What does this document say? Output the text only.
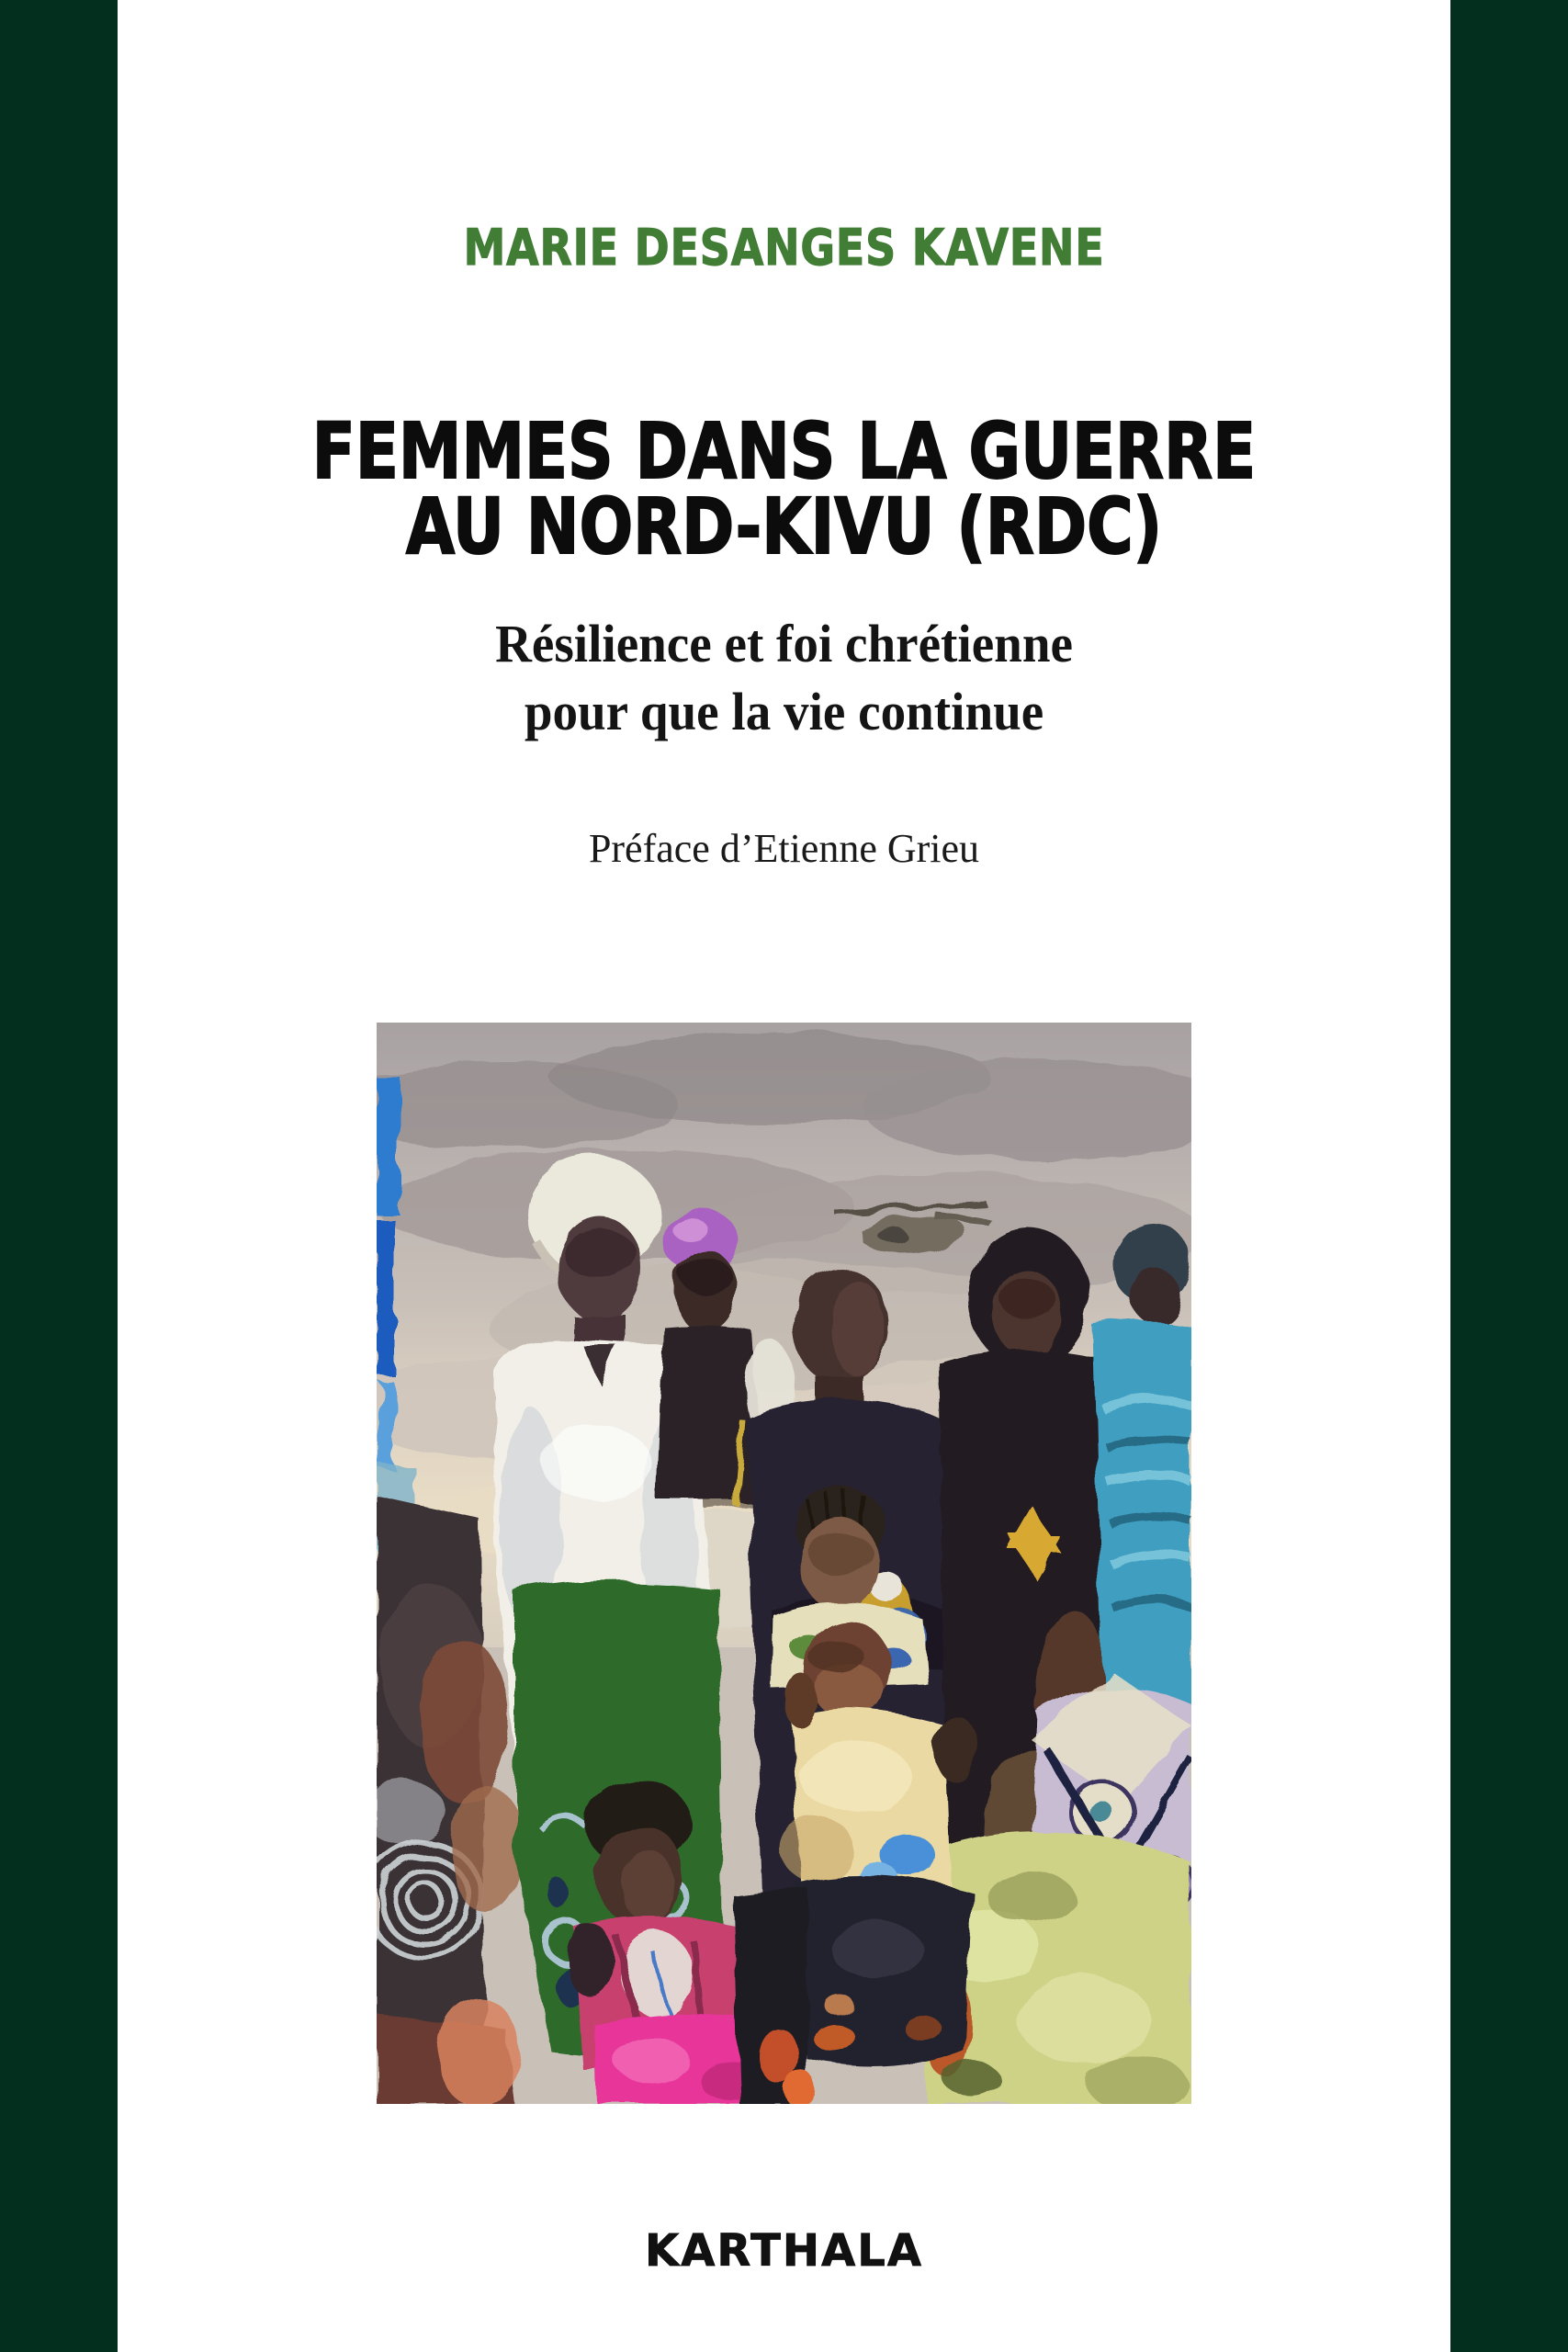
MARIE DESANGES KAVENE
FEMMES DANS LA GUERRE
AU NORD-KIVU (RDC)
Résilience et foi chrétienne
pour que la vie continue
Préface d’Etienne Grieu
KARTHALA
